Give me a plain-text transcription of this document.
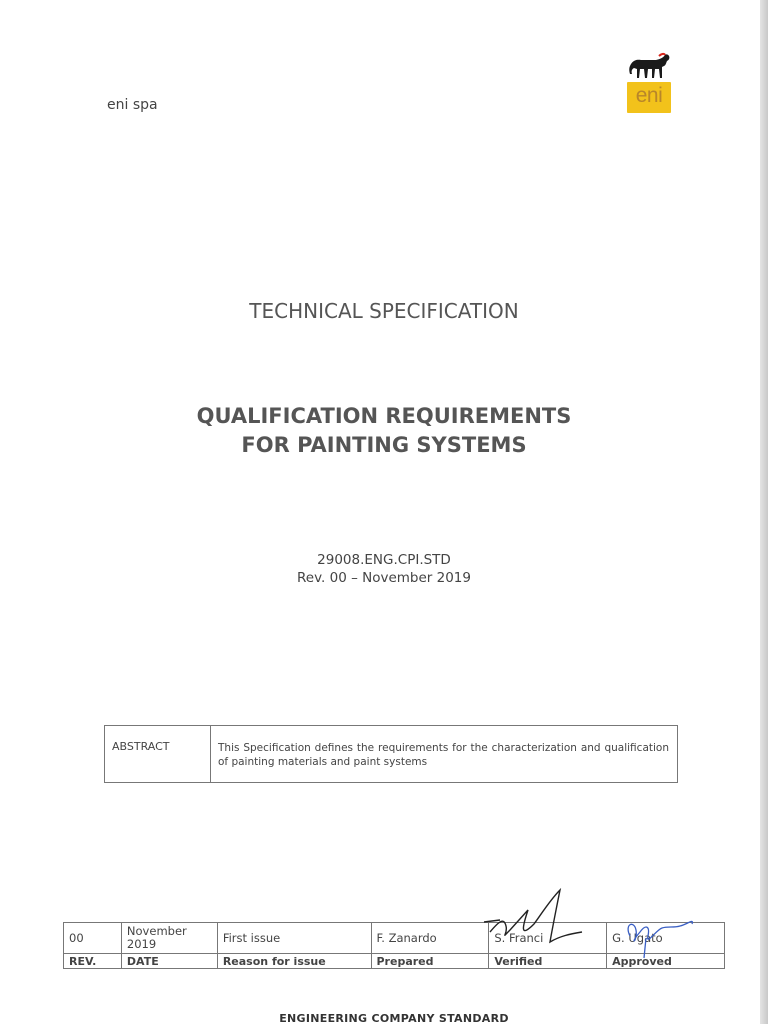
eni spa	eni
TECHNICAL SPECIFICATION
QUALIFICATION REQUIREMENTS
FOR PAINTING SYSTEMS
29008.ENG.CPI.STD
Rev. 00 – November 2019
ABSTRACT	This Specification defines the requirements for the characterization and qualification of painting materials and paint systems
00	November 2019	First issue	F. Zanardo	S. Franci	G. Ugato
REV.	DATE	Reason for issue	Prepared	Verified	Approved
ENGINEERING COMPANY STANDARD
